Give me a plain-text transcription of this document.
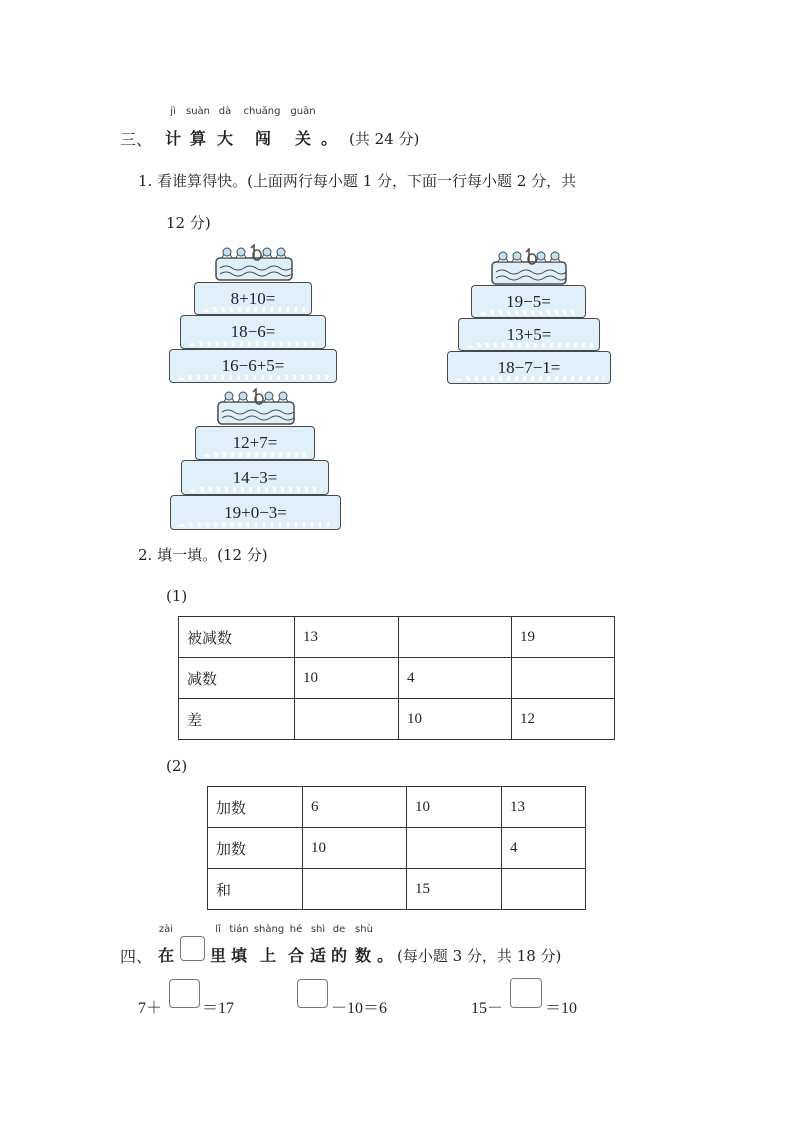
jì	suàn dà	chuǎng guān
三、 计 算 大 闯 关 。 (共 24 分)
1. 看谁算得快。(上面两行每小题 1 分，下面一行每小题 2 分，共
12 分)
8+10=
18−6=
16−6+5=
19−5=
13+5=
18−7−1=
12+7=
14−3=
19+0−3=
2. 填一填。(12 分)
(1)
被减数	13		19
减数	10	4	
差		10	12
(2)
加数	6	10	13
加数	10		4
和		15	
zài	lǐ tián shàng hé shì de shù
四、 在 里 填 上 合 适 的 数 。 (每小题 3 分，共 18 分)
7＋ ＝17	－10＝6	15－	＝10
